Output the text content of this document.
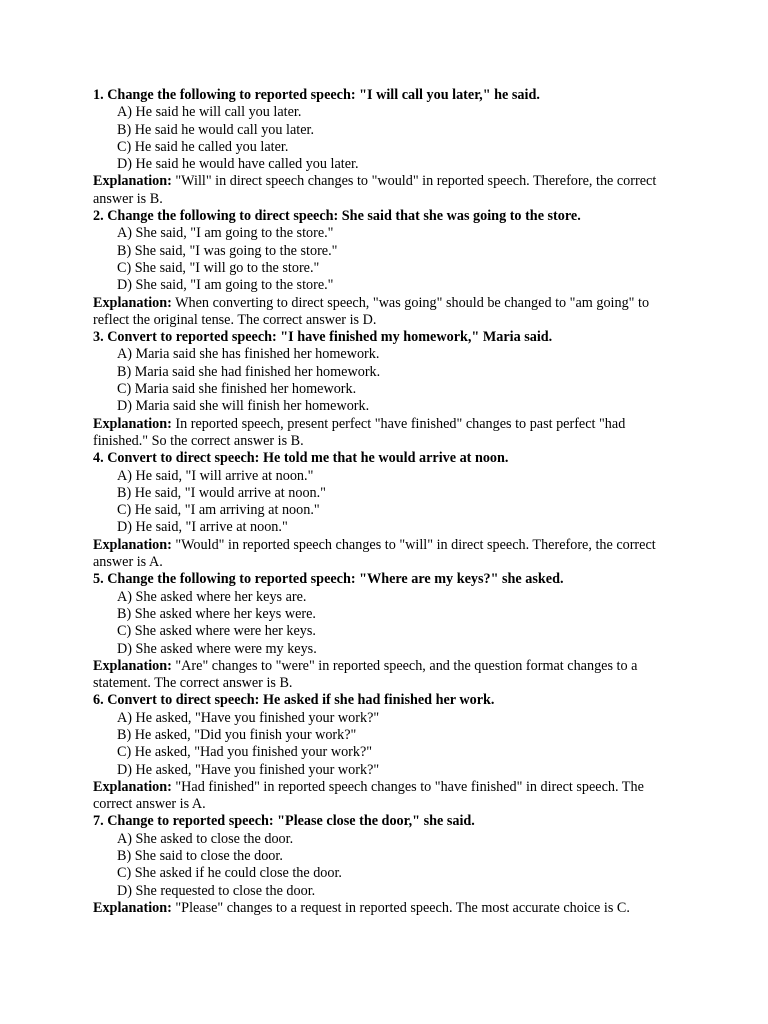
1. Change the following to reported speech: "I will call you later," he said.
A) He said he will call you later.
B) He said he would call you later.
C) He said he called you later.
D) He said he would have called you later.
Explanation: "Will" in direct speech changes to "would" in reported speech. Therefore, the correct answer is B.
2. Change the following to direct speech: She said that she was going to the store.
A) She said, "I am going to the store."
B) She said, "I was going to the store."
C) She said, "I will go to the store."
D) She said, "I am going to the store."
Explanation: When converting to direct speech, "was going" should be changed to "am going" to reflect the original tense. The correct answer is D.
3. Convert to reported speech: "I have finished my homework," Maria said.
A) Maria said she has finished her homework.
B) Maria said she had finished her homework.
C) Maria said she finished her homework.
D) Maria said she will finish her homework.
Explanation: In reported speech, present perfect "have finished" changes to past perfect "had finished." So the correct answer is B.
4. Convert to direct speech: He told me that he would arrive at noon.
A) He said, "I will arrive at noon."
B) He said, "I would arrive at noon."
C) He said, "I am arriving at noon."
D) He said, "I arrive at noon."
Explanation: "Would" in reported speech changes to "will" in direct speech. Therefore, the correct answer is A.
5. Change the following to reported speech: "Where are my keys?" she asked.
A) She asked where her keys are.
B) She asked where her keys were.
C) She asked where were her keys.
D) She asked where were my keys.
Explanation: "Are" changes to "were" in reported speech, and the question format changes to a statement. The correct answer is B.
6. Convert to direct speech: He asked if she had finished her work.
A) He asked, "Have you finished your work?"
B) He asked, "Did you finish your work?"
C) He asked, "Had you finished your work?"
D) He asked, "Have you finished your work?"
Explanation: "Had finished" in reported speech changes to "have finished" in direct speech. The correct answer is A.
7. Change to reported speech: "Please close the door," she said.
A) She asked to close the door.
B) She said to close the door.
C) She asked if he could close the door.
D) She requested to close the door.
Explanation: "Please" changes to a request in reported speech. The most accurate choice is C.
